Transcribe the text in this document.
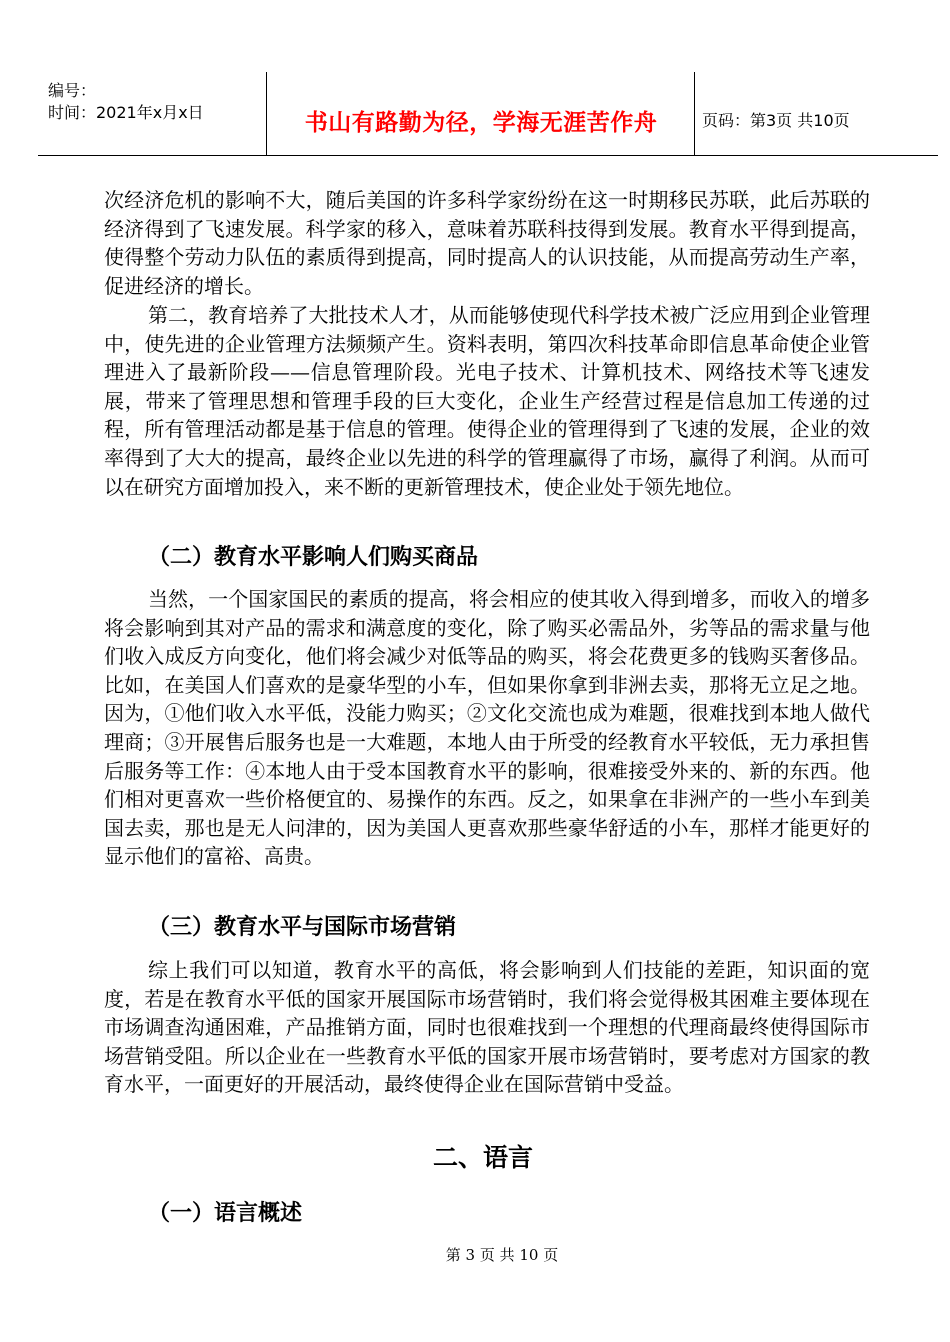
编号：
时间：2021年x月x日	书山有路勤为径，学海无涯苦作舟	页码：第3页 共10页

次经济危机的影响不大，随后美国的许多科学家纷纷在这一时期移民苏联，此后苏联的经济得到了飞速发展。科学家的移入，意味着苏联科技得到发展。教育水平得到提高，使得整个劳动力队伍的素质得到提高，同时提高人的认识技能，从而提高劳动生产率，促进经济的增长。

第二，教育培养了大批技术人才，从而能够使现代科学技术被广泛应用到企业管理中，使先进的企业管理方法频频产生。资料表明，第四次科技革命即信息革命使企业管理进入了最新阶段——信息管理阶段。光电子技术、计算机技术、网络技术等飞速发展，带来了管理思想和管理手段的巨大变化，企业生产经营过程是信息加工传递的过程，所有管理活动都是基于信息的管理。使得企业的管理得到了飞速的发展，企业的效率得到了大大的提高，最终企业以先进的科学的管理赢得了市场，赢得了利润。从而可以在研究方面增加投入，来不断的更新管理技术，使企业处于领先地位。

（二）教育水平影响人们购买商品

当然，一个国家国民的素质的提高，将会相应的使其收入得到增多，而收入的增多将会影响到其对产品的需求和满意度的变化，除了购买必需品外，劣等品的需求量与他们收入成反方向变化，他们将会减少对低等品的购买，将会花费更多的钱购买奢侈品。比如，在美国人们喜欢的是豪华型的小车，但如果你拿到非洲去卖，那将无立足之地。因为，①他们收入水平低，没能力购买；②文化交流也成为难题，很难找到本地人做代理商；③开展售后服务也是一大难题，本地人由于所受的经教育水平较低，无力承担售后服务等工作：④本地人由于受本国教育水平的影响，很难接受外来的、新的东西。他们相对更喜欢一些价格便宜的、易操作的东西。反之，如果拿在非洲产的一些小车到美国去卖，那也是无人问津的，因为美国人更喜欢那些豪华舒适的小车，那样才能更好的显示他们的富裕、高贵。

（三）教育水平与国际市场营销

综上我们可以知道，教育水平的高低，将会影响到人们技能的差距，知识面的宽度，若是在教育水平低的国家开展国际市场营销时，我们将会觉得极其困难主要体现在市场调查沟通困难，产品推销方面，同时也很难找到一个理想的代理商最终使得国际市场营销受阻。所以企业在一些教育水平低的国家开展市场营销时，要考虑对方国家的教育水平，一面更好的开展活动，最终使得企业在国际营销中受益。

二、语言
（一）语言概述
第 3 页 共 10 页
